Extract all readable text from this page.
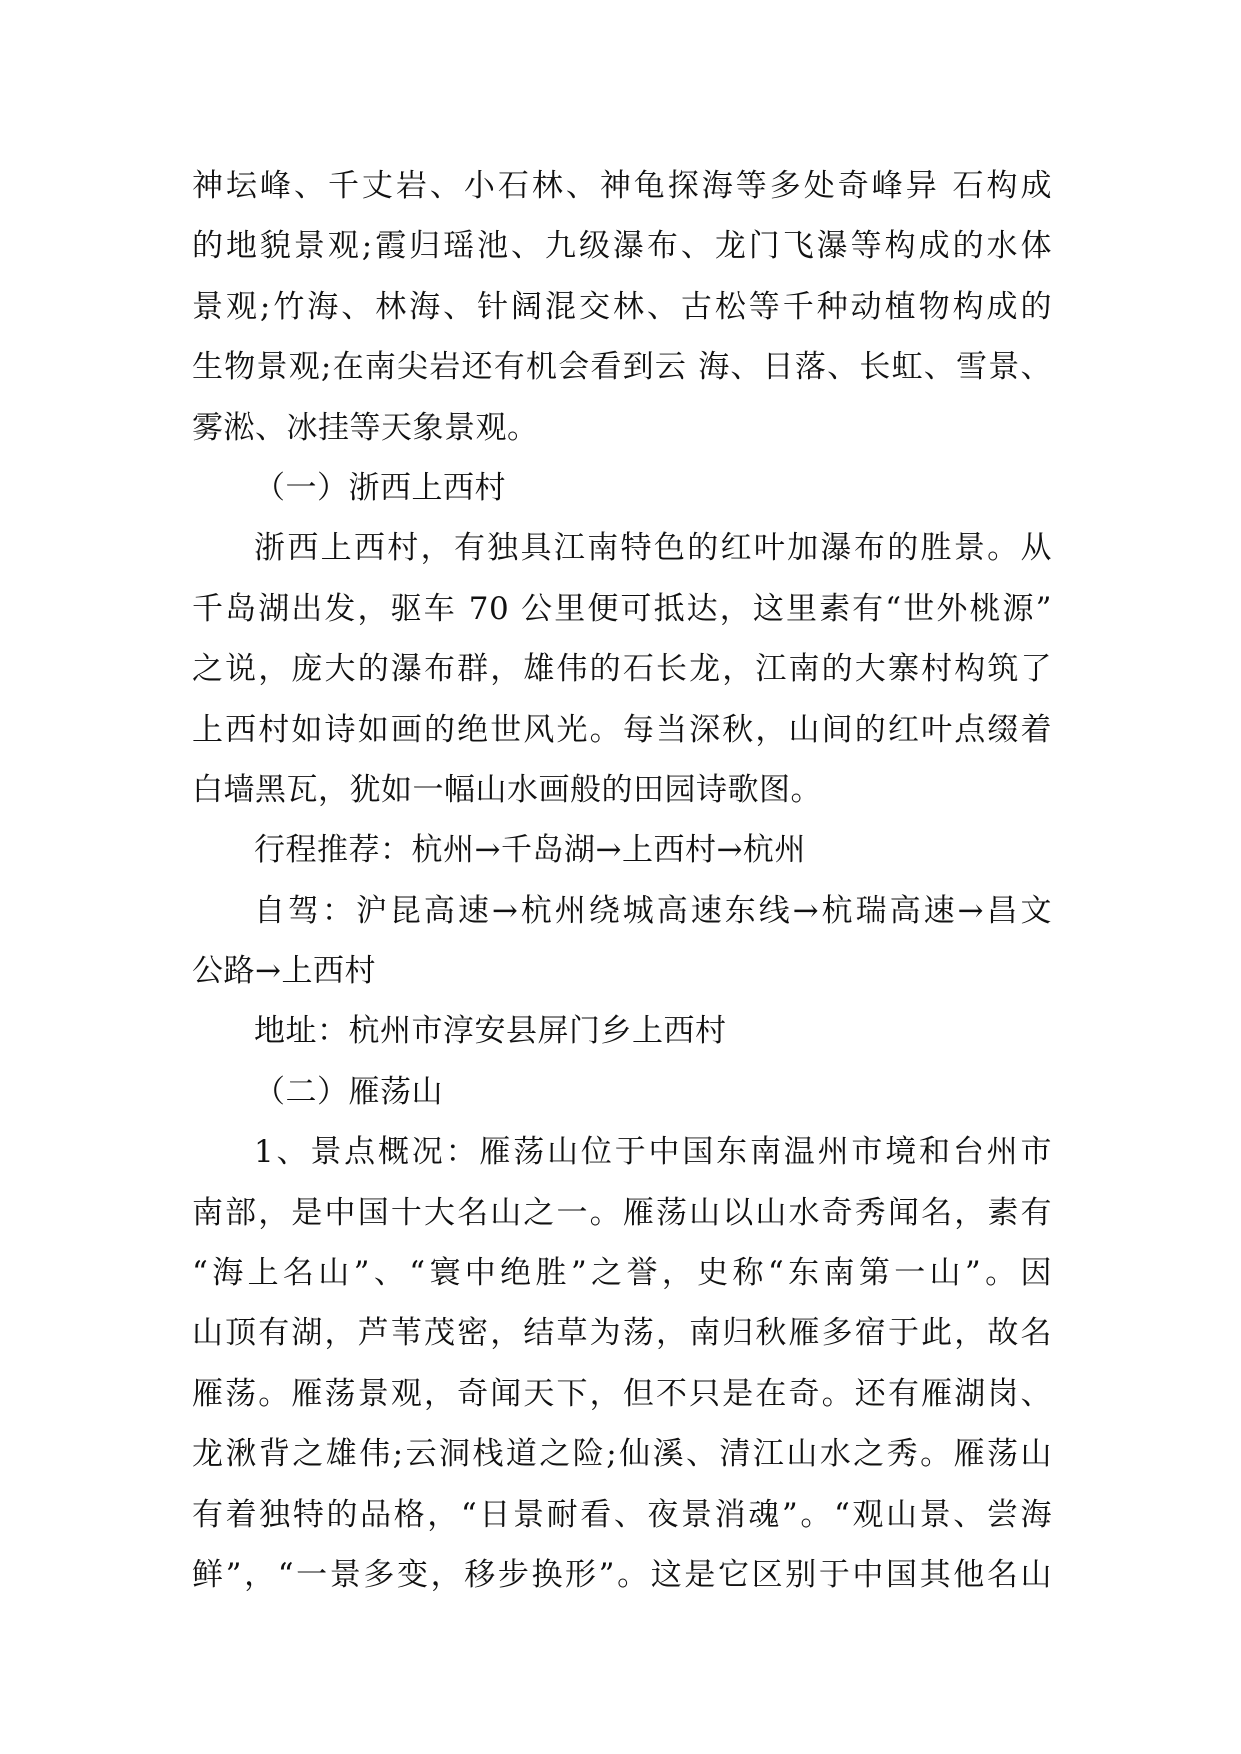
神坛峰、千丈岩、小石林、神龟探海等多处奇峰异 石构成
的地貌景观;霞归瑶池、九级瀑布、龙门飞瀑等构成的水体
景观;竹海、林海、针阔混交林、古松等千种动植物构成的
生物景观;在南尖岩还有机会看到云 海、日落、长虹、雪景、
雾淞、冰挂等天象景观。
（一）浙西上西村
浙西上西村，有独具江南特色的红叶加瀑布的胜景。从
千岛湖出发，驱车 70 公里便可抵达，这里素有“世外桃源”
之说，庞大的瀑布群，雄伟的石长龙，江南的大寨村构筑了
上西村如诗如画的绝世风光。每当深秋，山间的红叶点缀着
白墙黑瓦，犹如一幅山水画般的田园诗歌图。
行程推荐：杭州→千岛湖→上西村→杭州
自驾：沪昆高速→杭州绕城高速东线→杭瑞高速→昌文
公路→上西村
地址：杭州市淳安县屏门乡上西村
（二）雁荡山
1、景点概况：雁荡山位于中国东南温州市境和台州市
南部，是中国十大名山之一。雁荡山以山水奇秀闻名，素有
“海上名山”、“寰中绝胜”之誉，史称“东南第一山”。因
山顶有湖，芦苇茂密，结草为荡，南归秋雁多宿于此，故名
雁荡。雁荡景观，奇闻天下，但不只是在奇。还有雁湖岗、
龙湫背之雄伟;云洞栈道之险;仙溪、清江山水之秀。雁荡山
有着独特的品格，“日景耐看、夜景消魂”。“观山景、尝海
鲜”，“一景多变，移步换形”。这是它区别于中国其他名山
